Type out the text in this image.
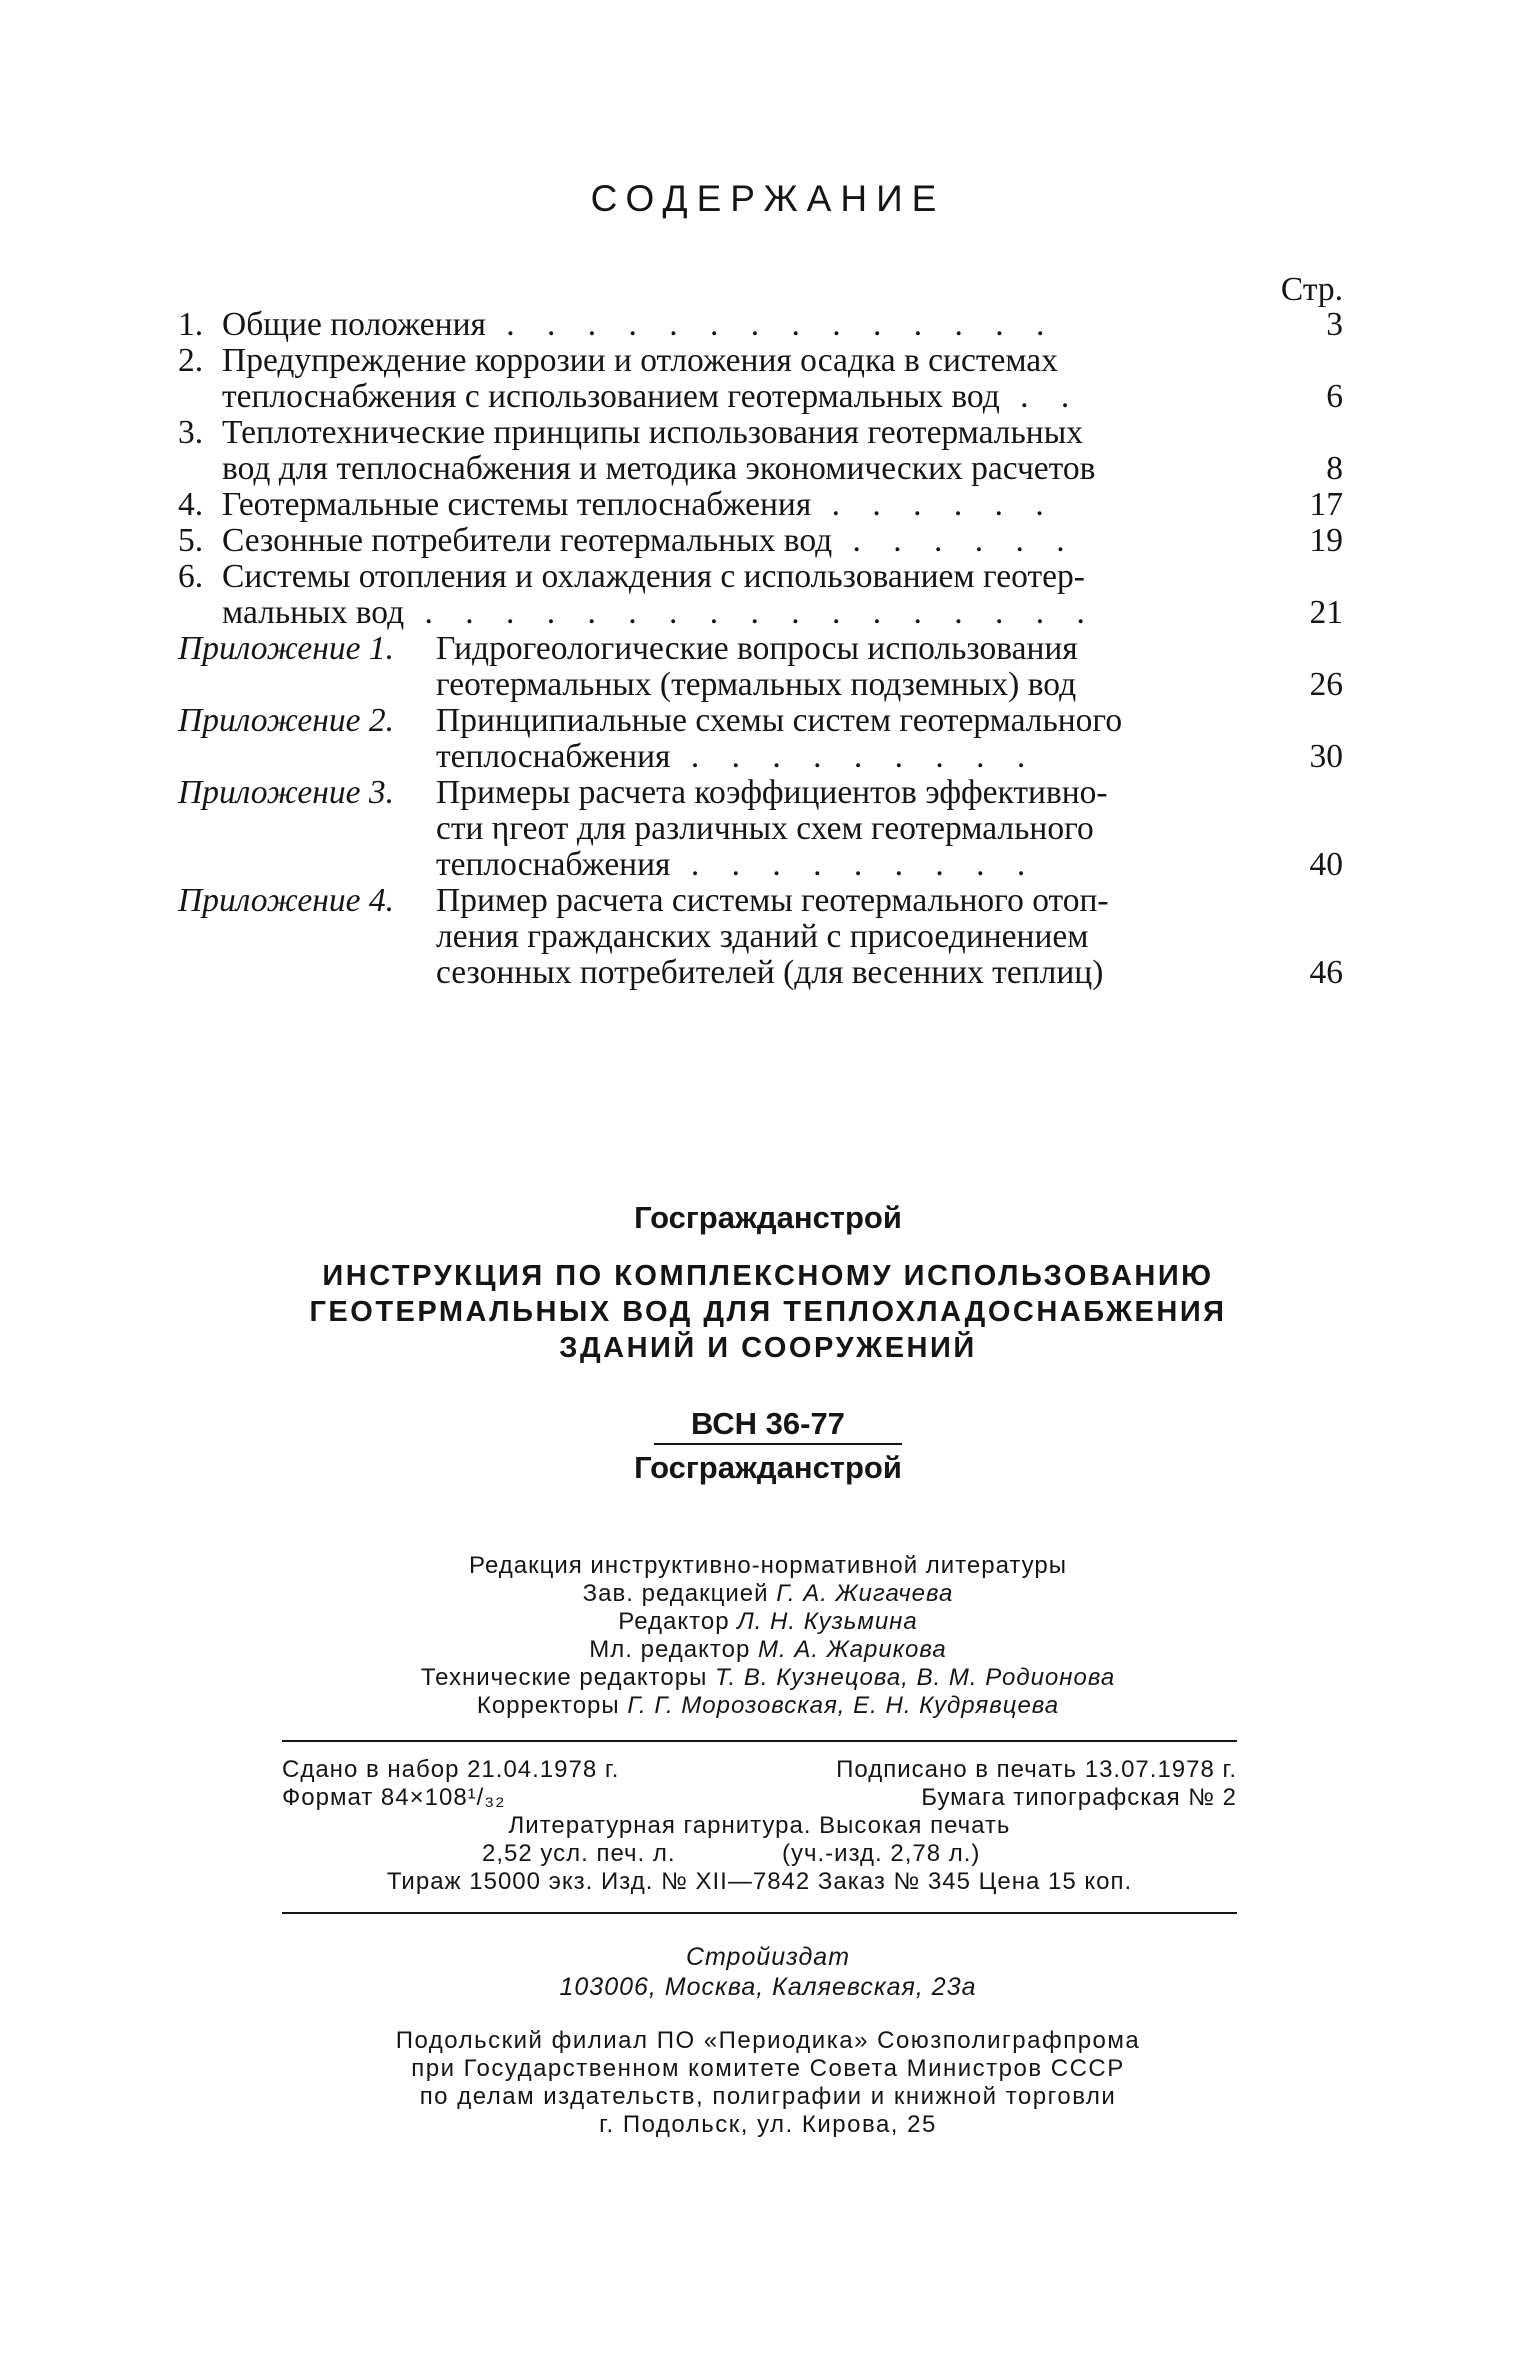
СОДЕРЖАНИЕ
Стр.
1. Общие положения . . . . . . . . . . . . . .	3
2. Предупреждение коррозии и отложения осадка в системах
теплоснабжения с использованием геотермальных вод . .	6
3. Теплотехнические принципы использования геотермальных
вод для теплоснабжения и методика экономических расчетов	8
4. Геотермальные системы теплоснабжения . . . . . .	17
5. Сезонные потребители геотермальных вод . . . . . .	19
6. Системы отопления и охлаждения с использованием геотер-
мальных вод . . . . . . . . . . . . . . . . .	21
Приложение 1. Гидрогеологические вопросы использования
геотермальных (термальных подземных) вод	26
Приложение 2. Принципиальные схемы систем геотермального
теплоснабжения . . . . . . . . .	30
Приложение 3. Примеры расчета коэффициентов эффективно-
сти ηгеот для различных схем геотермального
теплоснабжения . . . . . . . . .	40
Приложение 4. Пример расчета системы геотермального отоп-
ления гражданских зданий с присоединением
сезонных потребителей (для весенних теплиц)	46
Госгражданстрой
ИНСТРУКЦИЯ ПО КОМПЛЕКСНОМУ ИСПОЛЬЗОВАНИЮ
ГЕОТЕРМАЛЬНЫХ ВОД ДЛЯ ТЕПЛОХЛАДОСНАБЖЕНИЯ
ЗДАНИЙ И СООРУЖЕНИЙ
ВСН 36-77
Госгражданстрой
Редакция инструктивно-нормативной литературы
Зав. редакцией Г. А. Жигачева
Редактор Л. Н. Кузьмина
Мл. редактор М. А. Жарикова
Технические редакторы Т. В. Кузнецова, В. М. Родионова
Корректоры Г. Г. Морозовская, Е. Н. Кудрявцева
Сдано в набор 21.04.1978 г.	Подписано в печать 13.07.1978 г.
Формат 84×108¹/₃₂	Бумага типографская № 2
Литературная гарнитура. Высокая печать
2,52 усл. печ. л.	(уч.-изд. 2,78 л.)
Тираж 15000 экз. Изд. № XII—7842 Заказ № 345 Цена 15 коп.
Стройиздат
103006, Москва, Каляевская, 23а
Подольский филиал ПО «Периодика» Союзполиграфпрома
при Государственном комитете Совета Министров СССР
по делам издательств, полиграфии и книжной торговли
г. Подольск, ул. Кирова, 25
